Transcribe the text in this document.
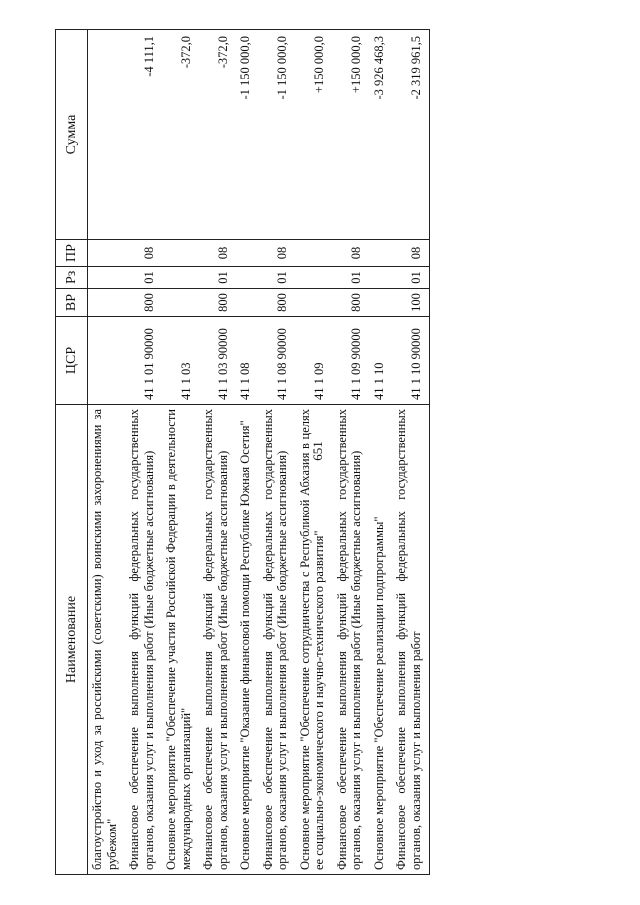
651
Наименование	ЦСР	ВР	Рз	ПР	Сумма
благоустройство и уход за российскими (советскими) воинскими захоронениями за рубежом"					
Финансовое обеспечение выполнения функций федеральных государственных органов, оказания услуг и выполнения работ (Иные бюджетные ассигнования)	41 1 01 90000	800	01	08	-4 111,1
Основное мероприятие "Обеспечение участия Российской Федерации в деятельности международных организаций"	41 1 03				-372,0
Финансовое обеспечение выполнения функций федеральных государственных органов, оказания услуг и выполнения работ (Иные бюджетные ассигнования)	41 1 03 90000	800	01	08	-372,0
Основное мероприятие "Оказание финансовой помощи Республике Южная Осетия"	41 1 08				-1 150 000,0
Финансовое обеспечение выполнения функций федеральных государственных органов, оказания услуг и выполнения работ (Иные бюджетные ассигнования)	41 1 08 90000	800	01	08	-1 150 000,0
Основное мероприятие "Обеспечение сотрудничества с Республикой Абхазия в целях ее социально-экономического и научно-технического развития"	41 1 09				+150 000,0
Финансовое обеспечение выполнения функций федеральных государственных органов, оказания услуг и выполнения работ (Иные бюджетные ассигнования)	41 1 09 90000	800	01	08	+150 000,0
Основное мероприятие "Обеспечение реализации подпрограммы"	41 1 10				-3 926 468,3
Финансовое обеспечение выполнения функций федеральных государственных органов, оказания услуг и выполнения работ	41 1 10 90000	100	01	08	-2 319 961,5
